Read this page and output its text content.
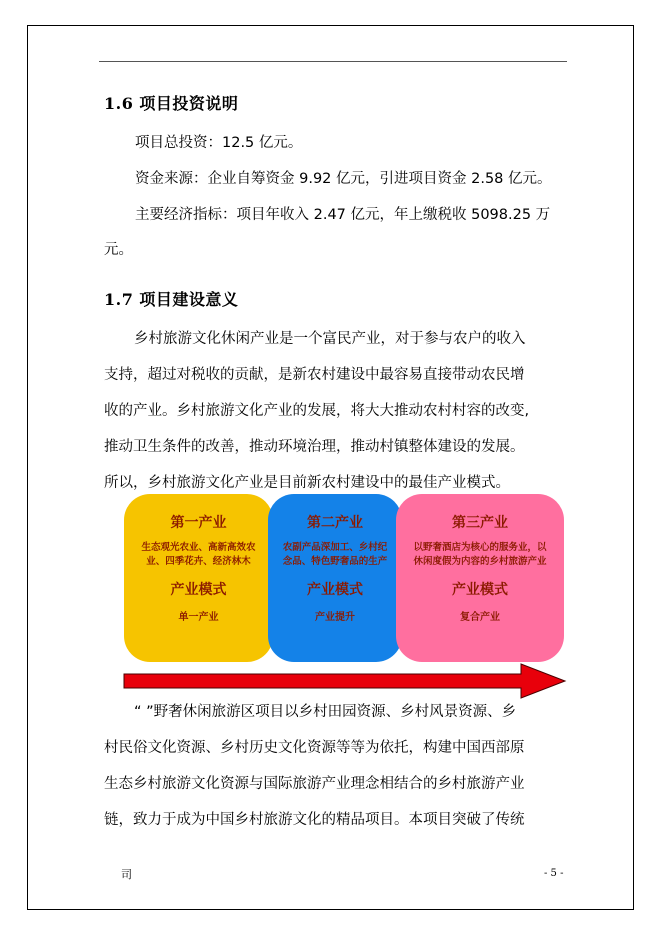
1.6 项目投资说明
项目总投资：12.5 亿元。
资金来源：企业自筹资金 9.92 亿元，引进项目资金 2.58 亿元。
主要经济指标：项目年收入 2.47 亿元，年上缴税收 5098.25 万
元。
1.7 项目建设意义
乡村旅游文化休闲产业是一个富民产业，对于参与农户的收入
支持，超过对税收的贡献，是新农村建设中最容易直接带动农民增
收的产业。乡村旅游文化产业的发展，将大大推动农村村容的改变,
推动卫生条件的改善，推动环境治理，推动村镇整体建设的发展。
所以，乡村旅游文化产业是目前新农村建设中的最佳产业模式。
第一产业
生态观光农业、高新高效农业、四季花卉、经济林木
产业模式
单一产业
第二产业
农副产品深加工、乡村纪念品、特色野奢品的生产
产业模式
产业提升
第三产业
以野奢酒店为核心的服务业，以休闲度假为内容的乡村旅游产业
产业模式
复合产业
“ ”野奢休闲旅游区项目以乡村田园资源、乡村风景资源、乡
村民俗文化资源、乡村历史文化资源等等为依托，构建中国西部原
生态乡村旅游文化资源与国际旅游产业理念相结合的乡村旅游产业
链，致力于成为中国乡村旅游文化的精品项目。本项目突破了传统
司	- 5 -
